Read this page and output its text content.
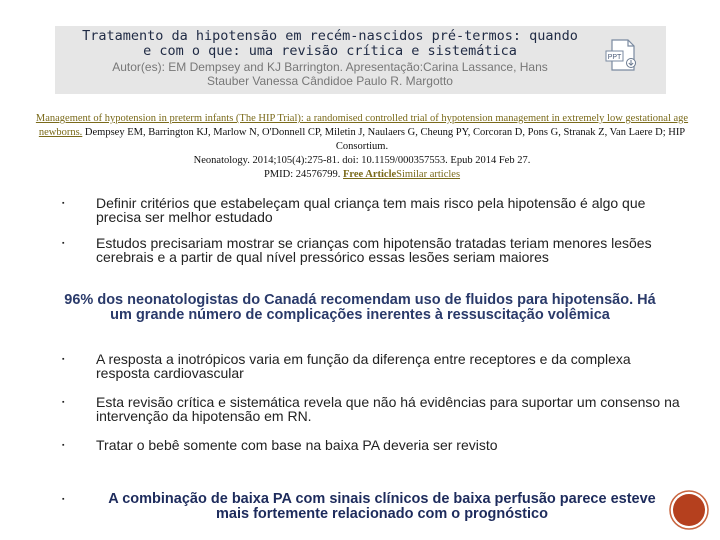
Tratamento da hipotensão em recém-nascidos pré-termos: quando
e com o que: uma revisão crítica e sistemática
Autor(es): EM Dempsey and KJ Barrington. Apresentação:Carina Lassance, Hans
Stauber Vanessa Cândidoe Paulo R. Margotto
PPT
Management of hypotension in preterm infants (The HIP Trial): a randomised controlled trial of hypotension management in extremely low gestational age newborns. Dempsey EM, Barrington KJ, Marlow N, O'Donnell CP, Miletin J, Naulaers G, Cheung PY, Corcoran D, Pons G, Stranak Z, Van Laere D; HIP Consortium.
Neonatology. 2014;105(4):275-81. doi: 10.1159/000357553. Epub 2014 Feb 27.
PMID: 24576799. Free ArticleSimilar articles
▪ Definir critérios que estabeleçam qual criança tem mais risco pela hipotensão é algo que precisa ser melhor estudado
▪ Estudos precisariam mostrar se crianças com hipotensão tratadas teriam menores lesões cerebrais e a partir de qual nível pressórico essas lesões seriam maiores
96% dos neonatologistas do Canadá recomendam uso de fluidos para hipotensão. Há um grande número de complicações inerentes à ressuscitação volêmica
▪ A resposta a inotrópicos varia em função da diferença entre receptores e da complexa resposta cardiovascular
▪ Esta revisão crítica e sistemática revela que não há evidências para suportar um consenso na intervenção da hipotensão em RN.
▪ Tratar o bebê somente com base na baixa PA deveria ser revisto
▪	A combinação de baixa PA com sinais clínicos de baixa perfusão parece esteve mais fortemente relacionado com o prognóstico
